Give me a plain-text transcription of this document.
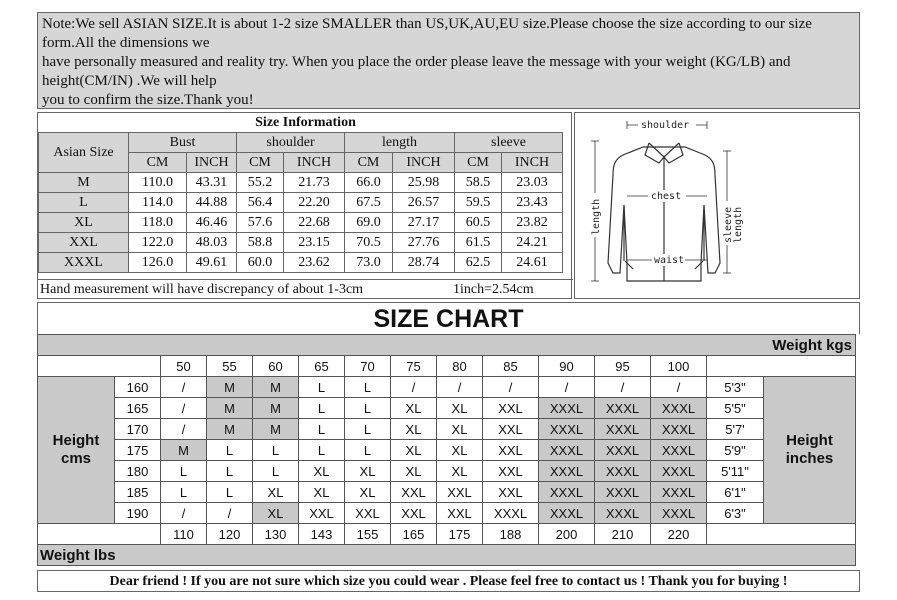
Note:We sell ASIAN SIZE.It is about 1-2 size SMALLER than US,UK,AU,EU size.Please choose the size according to our size
form.All the dimensions we
have personally measured and reality try. When you place the order please leave the message with your weight (KG/LB) and
height(CM/IN) .We will help
you to confirm the size.Thank you!
Size Information
Asian Size	Bust		shoulder		length		sleeve	
	CM	INCH	CM	INCH	CM	INCH	CM	INCH
M	110.0	43.31	55.2	21.73	66.0	25.98	58.5	23.03
L	114.0	44.88	56.4	22.20	67.5	26.57	59.5	23.43
XL	118.0	46.46	57.6	22.68	69.0	27.17	60.5	23.82
XXL	122.0	48.03	58.8	23.15	70.5	27.76	61.5	24.21
XXXL	126.0	49.61	60.0	23.62	73.0	28.74	62.5	24.61
Hand measurement will have discrepancy of about 1-3cm	1inch=2.54cm
shoulder
chest
waist
length	sleeve length
SIZE CHART
Weight kgs														
		50	55	60	65	70	75	80	85	90	95	100		
Height
cms	160	/	M	M	L	L	/	/	/	/	/	/	5'3"	Height
inches
	165	/	M	M	L	L	XL	XL	XXL	XXXL	XXXL	XXXL	5'5"	
	170	/	M	M	L	L	XL	XL	XXL	XXXL	XXXL	XXXL	5'7'	
	175	M	L	L	L	L	XL	XL	XXL	XXXL	XXXL	XXXL	5'9"	
	180	L	L	L	XL	XL	XL	XL	XXL	XXXL	XXXL	XXXL	5'11"	
	185	L	L	XL	XL	XL	XXL	XXL	XXL	XXXL	XXXL	XXXL	6'1"	
	190	/	/	XL	XXL	XXL	XXL	XXL	XXXL	XXXL	XXXL	XXXL	6'3"	
		110	120	130	143	155	165	175	188	200	210	220		
Weight lbs														
Dear friend ! If you are not sure which size you could wear . Please feel free to contact us ! Thank you for buying !
